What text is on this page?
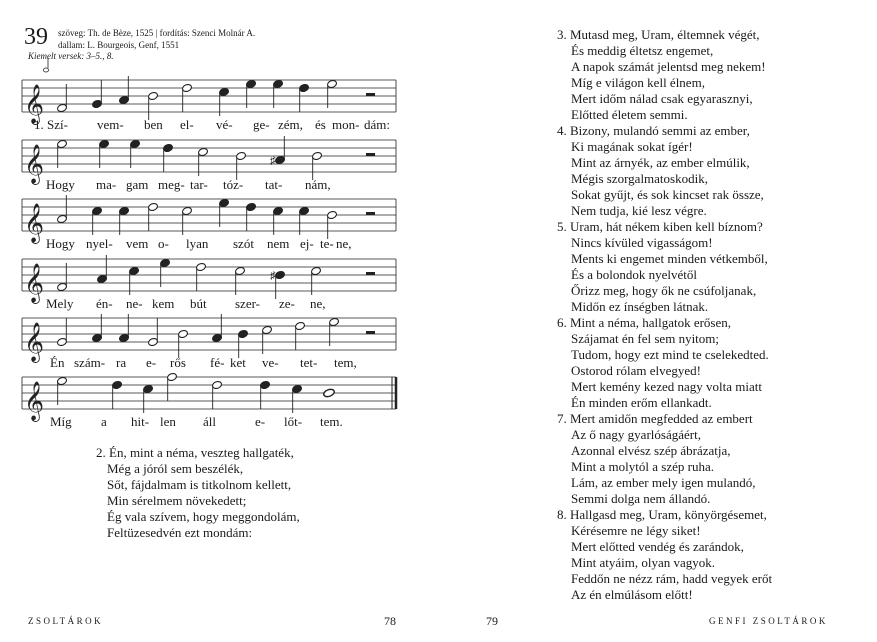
39 szöveg: Th. de Bèze, 1525 | fordítás: Szenci Molnár A.
dallam: L. Bourgeois, Genf, 1551
Kiemelt versek: 3–5., 8.
𝄞
𝄞	♯
𝄞
𝄞	♯
𝄞
𝄞
1. Szí- vem- ben el- vé- ge- zém, és mon- dám:
Hogy ma- gam meg- tar- tóz- tat- nám,
Hogy nyel- vem o- lyan szót nem ej- te- ne,
Mely én- ne- kem bút szer- ze- ne,
Én szám- ra e- rős fé- ket ve- tet- tem,
Míg a hit- len áll	e- lőt- tem.
2. Én, mint a néma, veszteg hallgaték,
Még a jóról sem beszélék,
Sőt, fájdalmam is titkolnom kellett,
Min sérelmem növekedett;
Ég vala szívem, hogy meggondolám,
Feltüzesedvén ezt mondám:
ZSOLTÁROK	78
3. Mutasd meg, Uram, éltemnek végét,
És meddig éltetsz engemet,
A napok számát jelentsd meg nekem!
Míg e világon kell élnem,
Mert időm nálad csak egyarasznyi,
Előtted életem semmi.
4. Bizony, mulandó semmi az ember,
Ki magának sokat ígér!
Mint az árnyék, az ember elmúlik,
Mégis szorgalmatoskodik,
Sokat gyűjt, és sok kincset rak össze,
Nem tudja, kié lesz végre.
5. Uram, hát nékem kiben kell bíznom?
Nincs kívüled vigasságom!
Ments ki engemet minden vétkemből,
És a bolondok nyelvétől
Őrizz meg, hogy ők ne csúfoljanak,
Midőn ez ínségben látnak.
6. Mint a néma, hallgatok erősen,
Szájamat én fel sem nyitom;
Tudom, hogy ezt mind te cselekedted.
Ostorod rólam elvegyed!
Mert kemény kezed nagy volta miatt
Én minden erőm ellankadt.
7. Mert amidőn megfedded az embert
Az ő nagy gyarlóságáért,
Azonnal elvész szép ábrázatja,
Mint a molytól a szép ruha.
Lám, az ember mely igen mulandó,
Semmi dolga nem állandó.
8. Hallgasd meg, Uram, könyörgésemet,
Kérésemre ne légy siket!
Mert előtted vendég és zarándok,
Mint atyáim, olyan vagyok.
Feddőn ne nézz rám, hadd vegyek erőt
Az én elmúlásom előtt!
79	GENFI ZSOLTÁROK
